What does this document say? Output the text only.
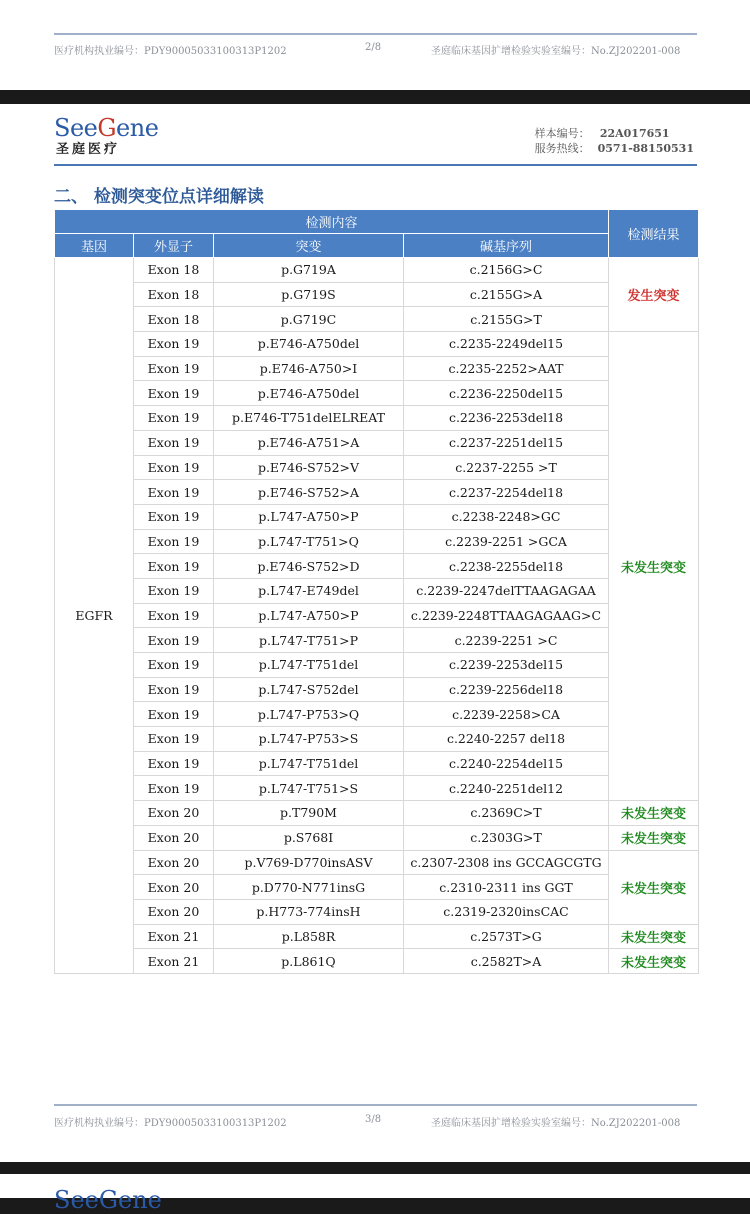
医疗机构执业编号：PDY90005033100313P1202	2/8	圣庭临床基因扩增检验实验室编号：No.ZJ202201-008
SeeGene
圣庭医疗
样本编号： 22A017651
服务热线： 0571-88150531
二、 检测突变位点详细解读
检测内容				检测结果
基因	外显子	突变	碱基序列	
EGFR	Exon 18	p.G719A	c.2156G>C	发生突变
	Exon 18	p.G719S	c.2155G>A	
	Exon 18	p.G719C	c.2155G>T	
	Exon 19	p.E746-A750del	c.2235-2249del15	未发生突变
	Exon 19	p.E746-A750>I	c.2235-2252>AAT	
	Exon 19	p.E746-A750del	c.2236-2250del15	
	Exon 19	p.E746-T751delELREAT	c.2236-2253del18	
	Exon 19	p.E746-A751>A	c.2237-2251del15	
	Exon 19	p.E746-S752>V	c.2237-2255 >T	
	Exon 19	p.E746-S752>A	c.2237-2254del18	
	Exon 19	p.L747-A750>P	c.2238-2248>GC	
	Exon 19	p.L747-T751>Q	c.2239-2251 >GCA	
	Exon 19	p.E746-S752>D	c.2238-2255del18	
	Exon 19	p.L747-E749del	c.2239-2247delTTAAGAGAA	
	Exon 19	p.L747-A750>P	c.2239-2248TTAAGAGAAG>C	
	Exon 19	p.L747-T751>P	c.2239-2251 >C	
	Exon 19	p.L747-T751del	c.2239-2253del15	
	Exon 19	p.L747-S752del	c.2239-2256del18	
	Exon 19	p.L747-P753>Q	c.2239-2258>CA	
	Exon 19	p.L747-P753>S	c.2240-2257 del18	
	Exon 19	p.L747-T751del	c.2240-2254del15	
	Exon 19	p.L747-T751>S	c.2240-2251del12	
	Exon 20	p.T790M	c.2369C>T	未发生突变
	Exon 20	p.S768I	c.2303G>T	未发生突变
	Exon 20	p.V769-D770insASV	c.2307-2308 ins GCCAGCGTG	未发生突变
	Exon 20	p.D770-N771insG	c.2310-2311 ins GGT	
	Exon 20	p.H773-774insH	c.2319-2320insCAC	
	Exon 21	p.L858R	c.2573T>G	未发生突变
	Exon 21	p.L861Q	c.2582T>A	未发生突变
医疗机构执业编号：PDY90005033100313P1202	3/8	圣庭临床基因扩增检验实验室编号：No.ZJ202201-008
SeeGene
